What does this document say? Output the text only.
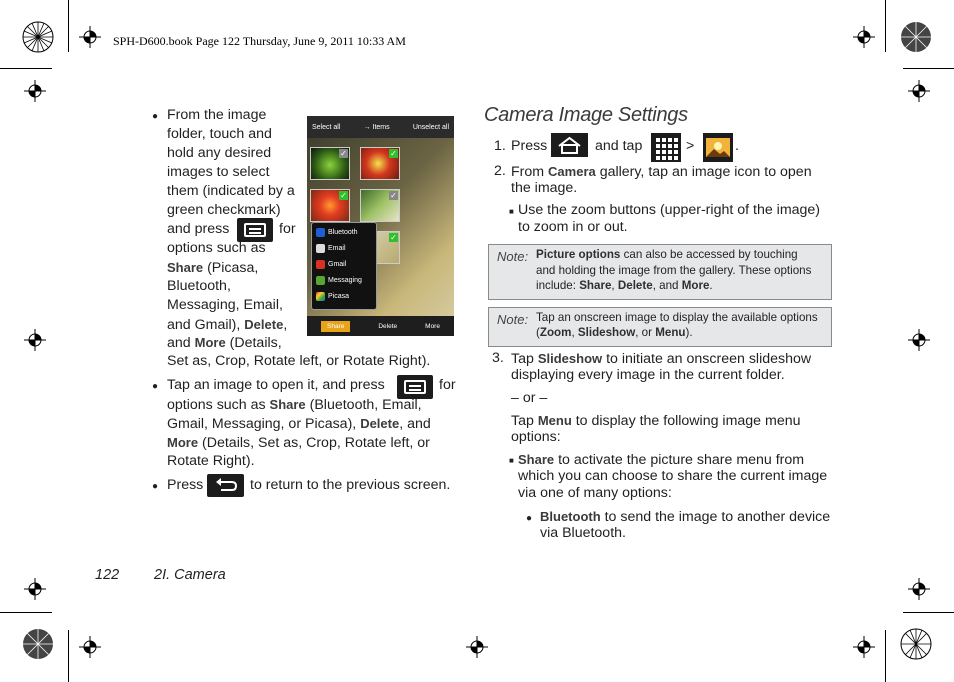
SPH-D600.book Page 122 Thursday, June 9, 2011 10:33 AM
● From the image
folder, touch and
hold any desired
images to select
them (indicated by a
green checkmark)
and press	for
options such as
Share (Picasa,
Bluetooth,
Messaging, Email,
and Gmail), Delete,
and More (Details,
Set as, Crop, Rotate left, or Rotate Right).
● Tap an image to open it, and press	for
options such as Share (Bluetooth, Email,
Gmail, Messaging, or Picasa), Delete, and
More (Details, Set as, Crop, Rotate left, or
Rotate Right).
● Press	to return to the previous screen.
Select all	→ Items	Unselect all
✓	✓
✓	✓
✓
Bluetooth
Email
Gmail
Messaging
Picasa
Share	Delete	More
Camera Image Settings
1. Press	and tap	>	.
2. From Camera gallery, tap an image icon to open
the image.
■ Use the zoom buttons (upper-right of the image)
to zoom in or out.
Note: Picture options can also be accessed by touching
and holding the image from the gallery. These options
include: Share, Delete, and More.
Note: Tap an onscreen image to display the available options
(Zoom, Slideshow, or Menu).
3. Tap Slideshow to initiate an onscreen slideshow
displaying every image in the current folder.
– or –
Tap Menu to display the following image menu
options:
■ Share to activate the picture share menu from
which you can choose to share the current image
via one of many options:
● Bluetooth to send the image to another device
via Bluetooth.
122 2I. Camera
